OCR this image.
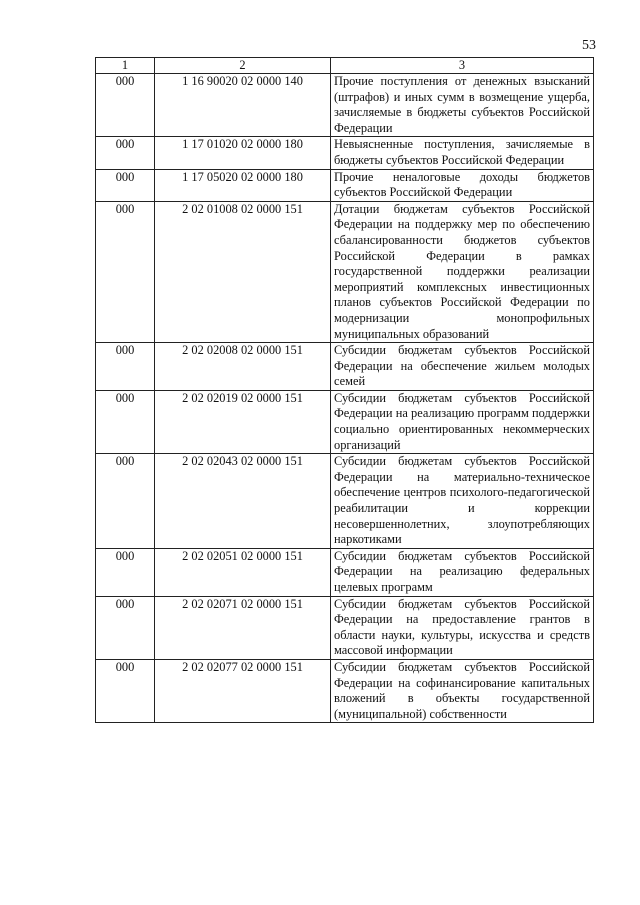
53
1	2	3
000	1 16 90020 02 0000 140	Прочие поступления от денежных взысканий (штрафов) и иных сумм в возмещение ущерба, зачисляемые в бюджеты субъектов Российской Федерации
000	1 17 01020 02 0000 180	Невыясненные поступления, зачисляемые в бюджеты субъектов Российской Федерации
000	1 17 05020 02 0000 180	Прочие неналоговые доходы бюджетов субъектов Российской Федерации
000	2 02 01008 02 0000 151	Дотации бюджетам субъектов Российской Федерации на поддержку мер по обеспечению сбалансированности бюджетов субъектов Российской Федерации в рамках государственной поддержки реализации мероприятий комплексных инвестиционных планов субъектов Российской Федерации по модернизации монопрофильных муниципальных образований
000	2 02 02008 02 0000 151	Субсидии бюджетам субъектов Российской Федерации на обеспечение жильем молодых семей
000	2 02 02019 02 0000 151	Субсидии бюджетам субъектов Российской Федерации на реализацию программ поддержки социально ориентированных некоммерческих организаций
000	2 02 02043 02 0000 151	Субсидии бюджетам субъектов Российской Федерации на материально-техническое обеспечение центров психолого-педагогической реабилитации и коррекции несовершеннолетних, злоупотребляющих наркотиками
000	2 02 02051 02 0000 151	Субсидии бюджетам субъектов Российской Федерации на реализацию федеральных целевых программ
000	2 02 02071 02 0000 151	Субсидии бюджетам субъектов Российской Федерации на предоставление грантов в области науки, культуры, искусства и средств массовой информации
000	2 02 02077 02 0000 151	Субсидии бюджетам субъектов Российской Федерации на софинансирование капитальных вложений в объекты государственной (муниципальной) собственности
